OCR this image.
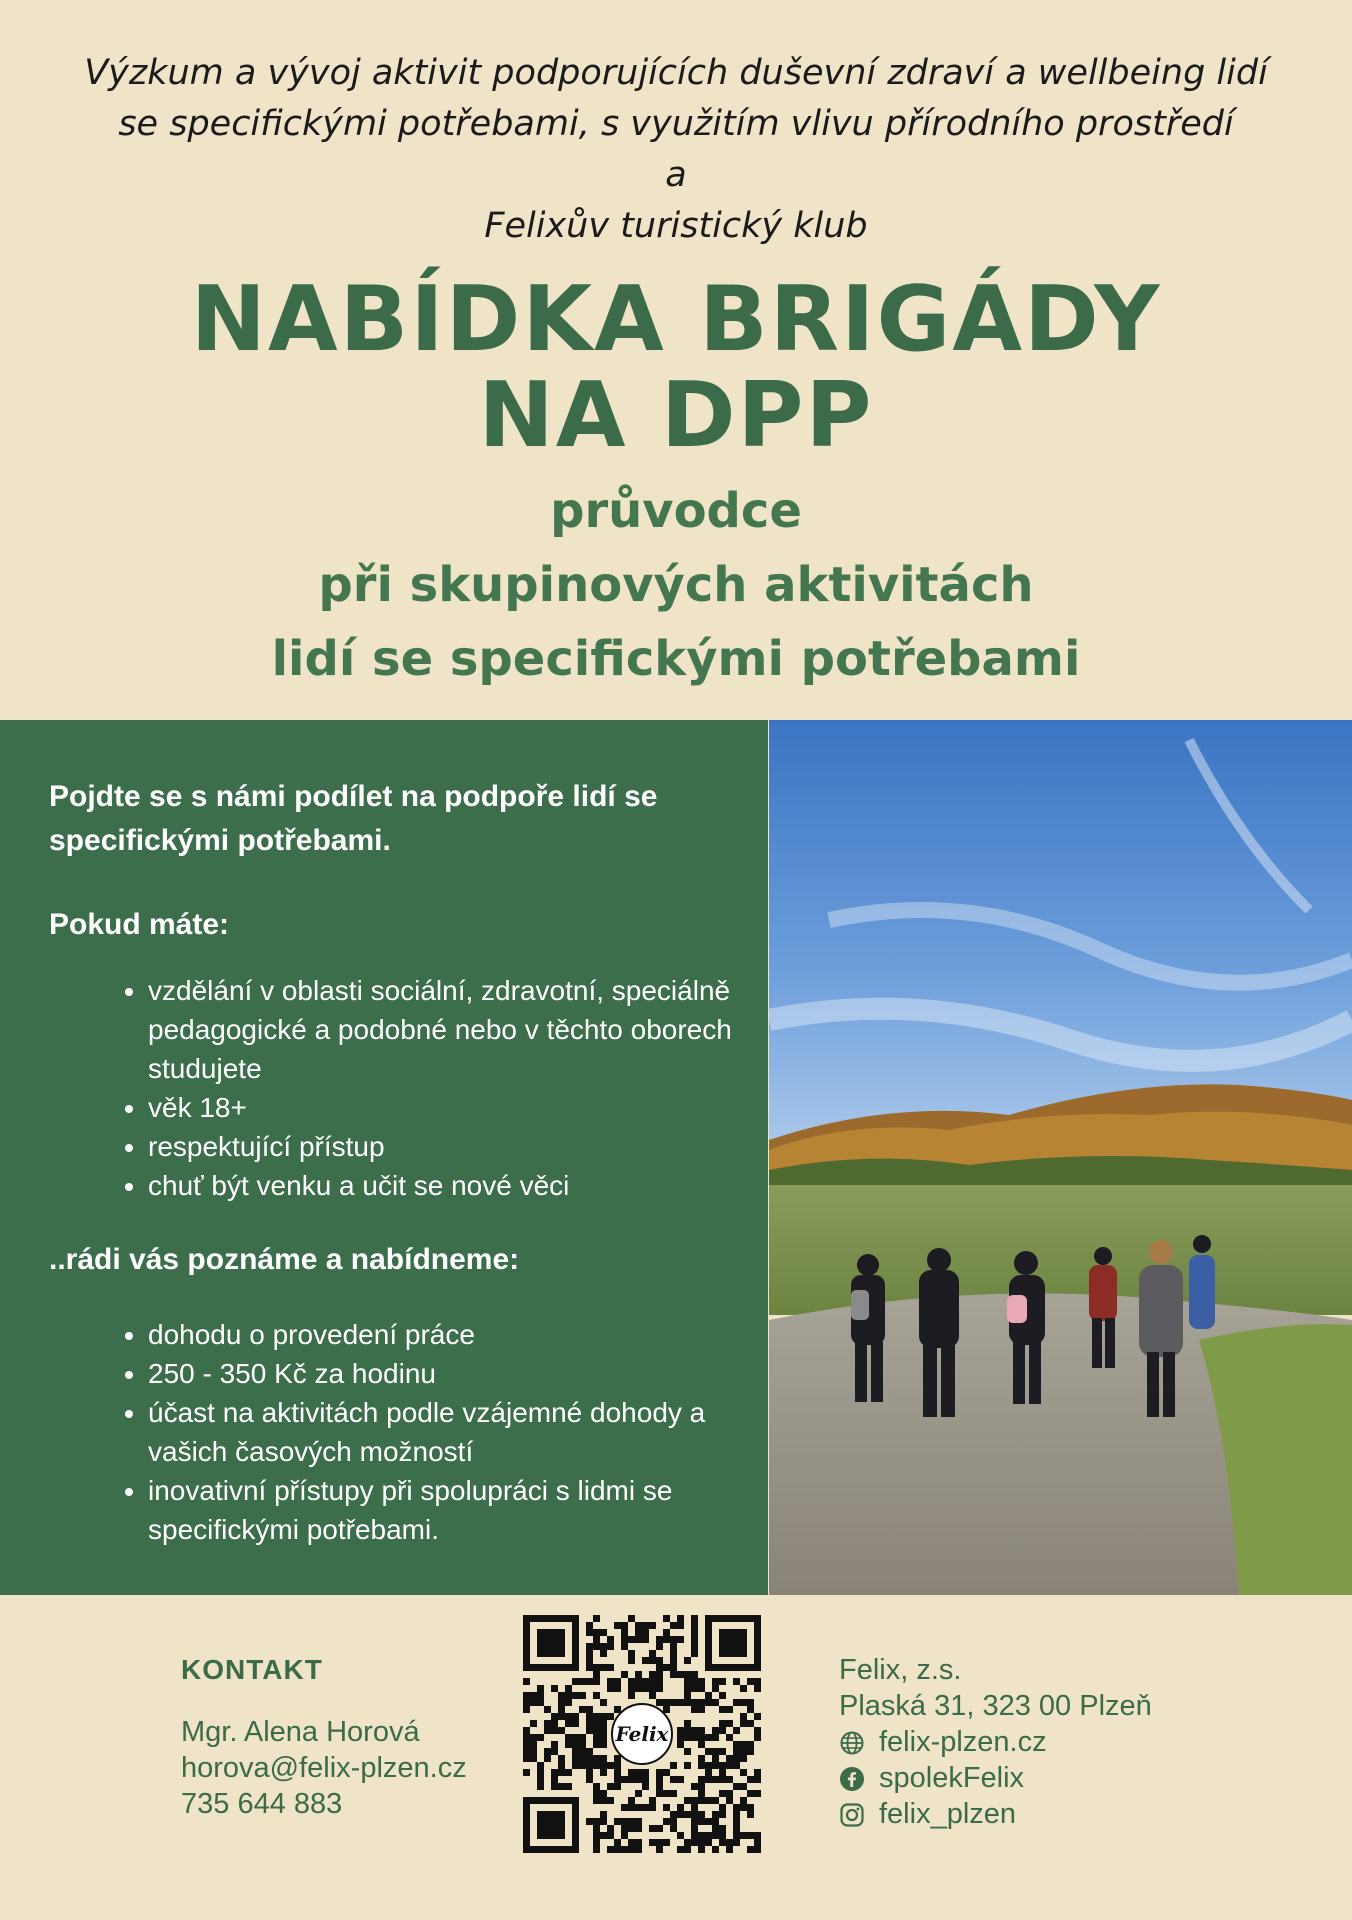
Výzkum a vývoj aktivit podporujících duševní zdraví a wellbeing lidí
se specifickými potřebami, s využitím vlivu přírodního prostředí
a
Felixův turistický klub
NABÍDKA BRIGÁDY
NA DPP
průvodce
při skupinových aktivitách
lidí se specifickými potřebami
Pojdte se s námi podílet na podpoře lidí se specifickými potřebami.
Pokud máte:
• vzdělání v oblasti sociální, zdravotní, speciálně pedagogické a podobné nebo v těchto oborech studujete
• věk 18+
• respektující přístup
• chuť být venku a učit se nové věci
..rádi vás poznáme a nabídneme:
• dohodu o provedení práce
• 250 - 350 Kč za hodinu
• účast na aktivitách podle vzájemné dohody a vašich časových možností
• inovativní přístupy při spolupráci s lidmi se specifickými potřebami.
KONTAKT
Mgr. Alena Horová
horova@felix-plzen.cz
735 644 883
Felix
Felix, z.s.
Plaská 31, 323 00 Plzeň
felix-plzen.cz
spolekFelix
felix_plzen
